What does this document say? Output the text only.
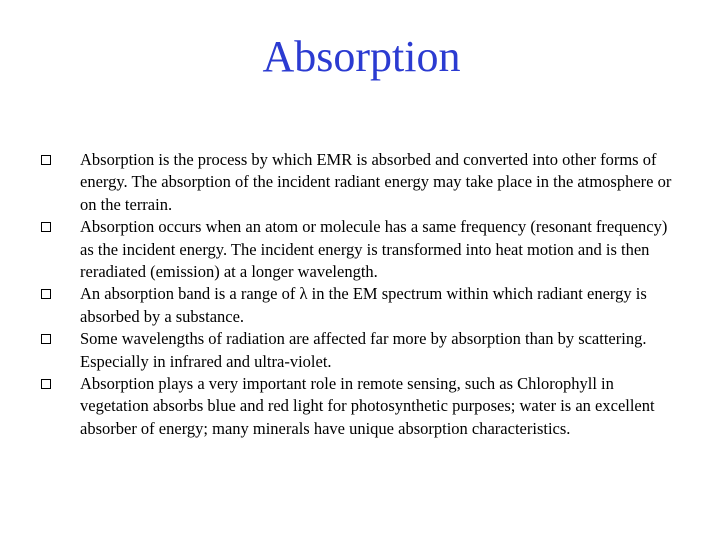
Absorption
Absorption is the process by which EMR is absorbed and converted into other forms of energy. The absorption of the incident radiant energy may take place in the atmosphere or on the terrain.
Absorption occurs when an atom or molecule has a same frequency (resonant frequency) as the incident energy. The incident energy is transformed into heat motion and is then reradiated (emission) at a longer wavelength.
An absorption band is a range of λ in the EM spectrum within which radiant energy is absorbed by a substance.
Some wavelengths of radiation are affected far more by absorption than by scattering. Especially in infrared and ultra-violet.
Absorption plays a very important role in remote sensing, such as Chlorophyll in vegetation absorbs blue and red light for photosynthetic purposes; water is an excellent absorber of energy; many minerals have unique absorption characteristics.
